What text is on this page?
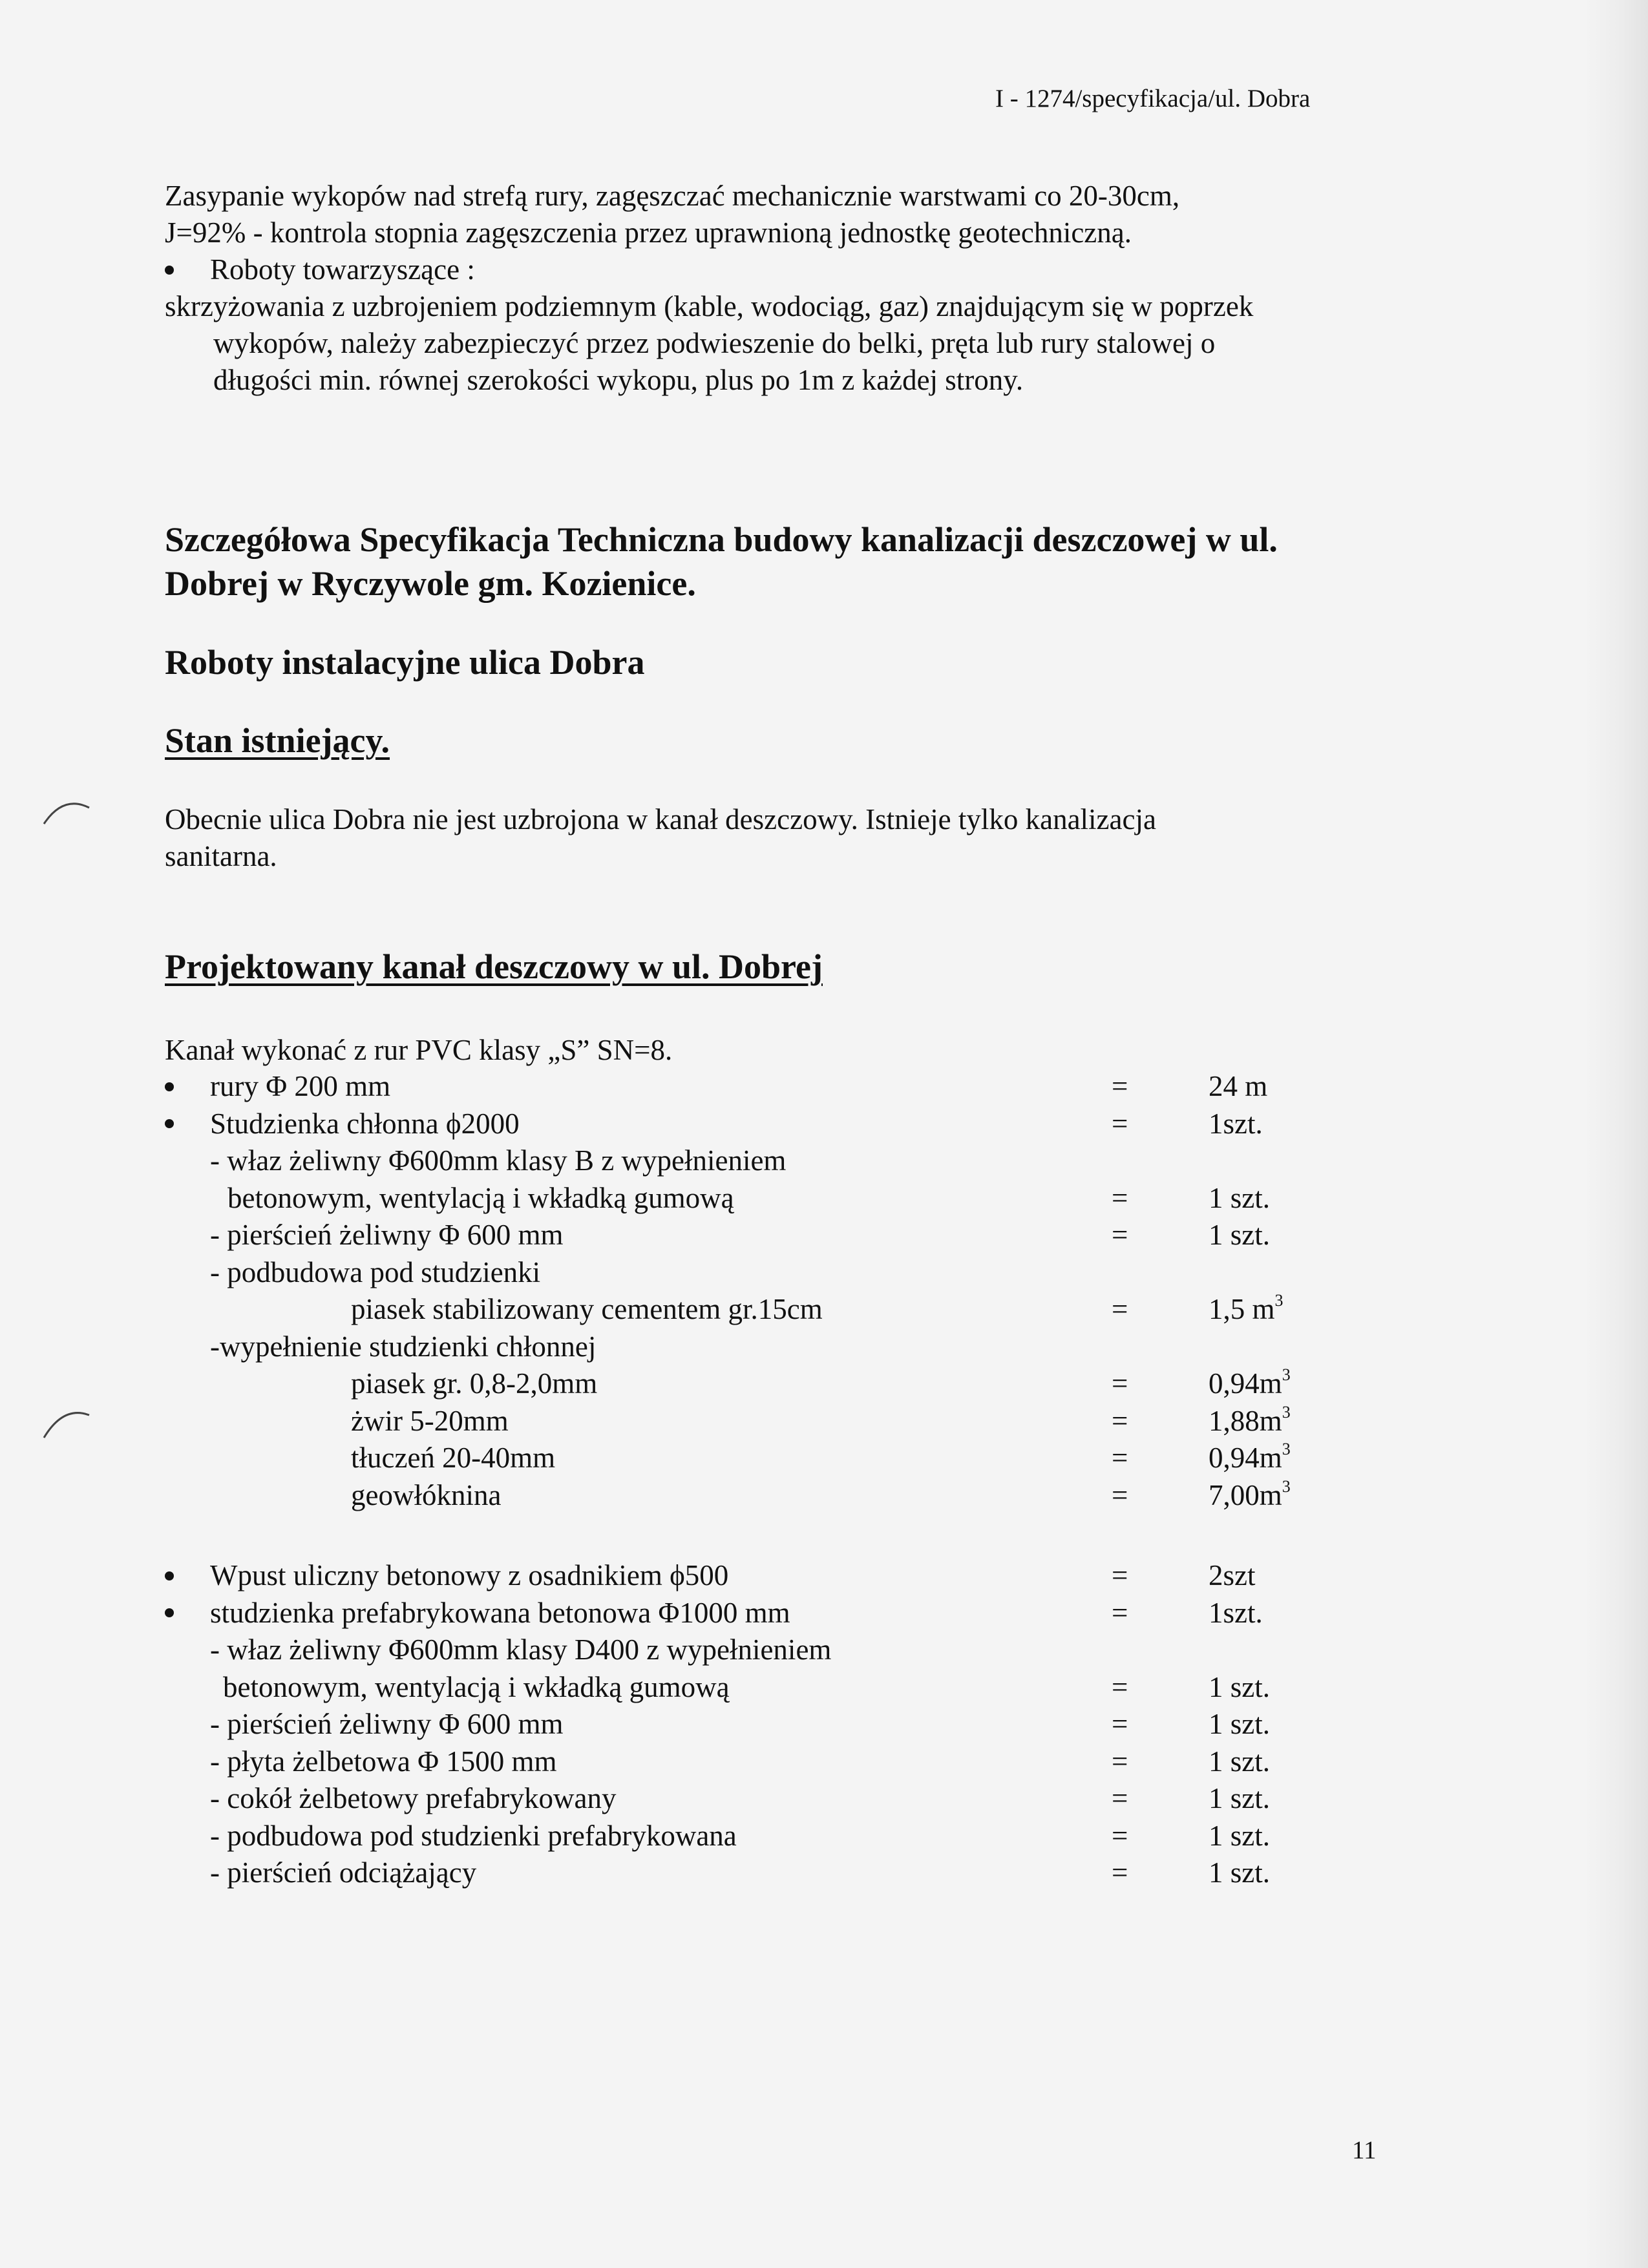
I - 1274/specyfikacja/ul. Dobra
Zasypanie wykopów nad strefą rury, zagęszczać mechanicznie warstwami co 20-30cm,
J=92% - kontrola stopnia zagęszczenia przez uprawnioną jednostkę geotechniczną.
Roboty towarzyszące :
skrzyżowania z uzbrojeniem podziemnym (kable, wodociąg, gaz) znajdującym się w poprzek
wykopów, należy zabezpieczyć przez podwieszenie do belki, pręta lub rury stalowej o
długości min. równej szerokości wykopu, plus po 1m z każdej strony.
Szczegółowa Specyfikacja Techniczna budowy kanalizacji deszczowej w ul.
Dobrej w Ryczywole gm. Kozienice.
Roboty instalacyjne ulica Dobra
Stan istniejący.
Obecnie ulica Dobra nie jest uzbrojona w kanał deszczowy. Istnieje tylko kanalizacja
sanitarna.
Projektowany kanał deszczowy w ul. Dobrej
Kanał wykonać z rur PVC klasy „S” SN=8.
rury Φ 200 mm	=	24 m
Studzienka chłonna ϕ2000	=	1szt.
- właz żeliwny Φ600mm klasy B z wypełnieniem
betonowym, wentylacją i wkładką gumową	=	1 szt.
- pierścień żeliwny Φ 600 mm	=	1 szt.
- podbudowa pod studzienki
piasek stabilizowany cementem gr.15cm	=	1,5 $m^3$
-wypełnienie studzienki chłonnej
piasek gr. 0,8-2,0mm	=	$0,94m^3$
żwir 5-20mm	=	$1,88m^3$
tłuczeń 20-40mm	=	$0,94m^3$
geowłóknina	=	$7,00m^3$
Wpust uliczny betonowy z osadnikiem ϕ500	=	2szt
studzienka prefabrykowana betonowa Φ1000 mm	=	1szt.
- właz żeliwny Φ600mm klasy D400 z wypełnieniem
betonowym, wentylacją i wkładką gumową	=	1 szt.
- pierścień żeliwny Φ 600 mm	=	1 szt.
- płyta żelbetowa Φ 1500 mm	=	1 szt.
- cokół żelbetowy prefabrykowany	=	1 szt.
- podbudowa pod studzienki prefabrykowana	=	1 szt.
- pierścień odciążający	=	1 szt.
11
